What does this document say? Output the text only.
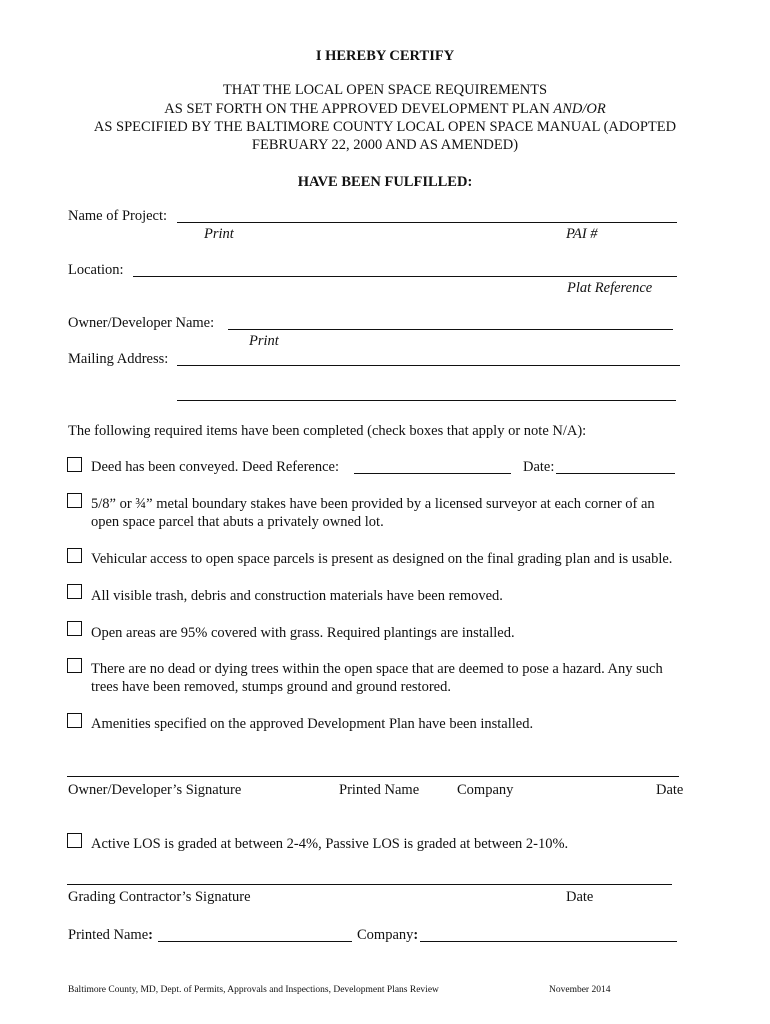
I HEREBY CERTIFY
THAT THE LOCAL OPEN SPACE REQUIREMENTS
AS SET FORTH ON THE APPROVED DEVELOPMENT PLAN AND/OR
AS SPECIFIED BY THE BALTIMORE COUNTY LOCAL OPEN SPACE MANUAL (ADOPTED
FEBRUARY 22, 2000 AND AS AMENDED)
HAVE BEEN FULFILLED:
Name of Project:
Print	PAI #
Location:
Plat Reference
Owner/Developer Name:
Print
Mailing Address:
The following required items have been completed (check boxes that apply or note N/A):
Deed has been conveyed. Deed Reference:	Date:
5/8” or ¾” metal boundary stakes have been provided by a licensed surveyor at each corner of an
open space parcel that abuts a privately owned lot.
Vehicular access to open space parcels is present as designed on the final grading plan and is usable.
All visible trash, debris and construction materials have been removed.
Open areas are 95% covered with grass. Required plantings are installed.
There are no dead or dying trees within the open space that are deemed to pose a hazard. Any such
trees have been removed, stumps ground and ground restored.
Amenities specified on the approved Development Plan have been installed.
Owner/Developer’s Signature	Printed Name	Company	Date
Active LOS is graded at between 2-4%, Passive LOS is graded at between 2-10%.
Grading Contractor’s Signature	Date
Printed Name:	Company:
Baltimore County, MD, Dept. of Permits, Approvals and Inspections, Development Plans Review	November 2014
